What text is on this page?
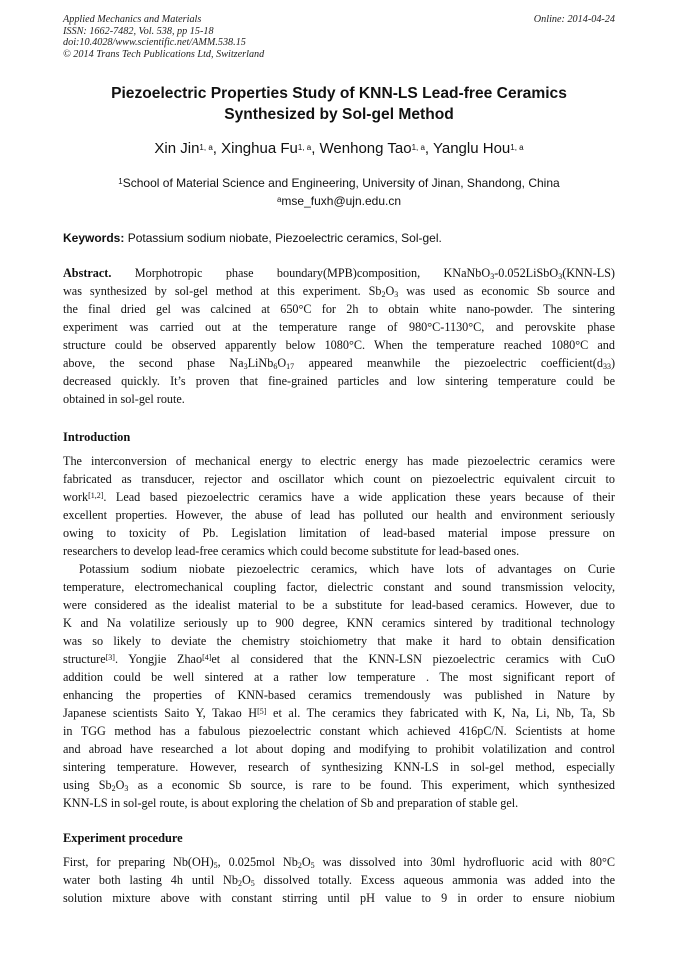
Applied Mechanics and Materials
ISSN: 1662-7482, Vol. 538, pp 15-18
doi:10.4028/www.scientific.net/AMM.538.15
© 2014 Trans Tech Publications Ltd, Switzerland
Online: 2014-04-24
Piezoelectric Properties Study of KNN-LS Lead-free Ceramics
Synthesized by Sol-gel Method
Xin Jin$^{1, a}$, Xinghua Fu$^{1, a}$, Wenhong Tao$^{1, a}$, Yanglu Hou$^{1, a}$
$^1$School of Material Science and Engineering, University of Jinan, Shandong, China
$^a$mse_fuxh@ujn.edu.cn
Keywords: Potassium sodium niobate, Piezoelectric ceramics, Sol-gel.
Abstract. Morphotropic phase boundary(MPB)composition, KNaNbO3-0.052LiSbO3(KNN-LS)
was synthesized by sol-gel method at this experiment. Sb2O3 was used as economic Sb source and
the final dried gel was calcined at 650°C for 2h to obtain white nano-powder. The sintering
experiment was carried out at the temperature range of 980°C-1130°C, and perovskite phase
structure could be observed apparently below 1080°C. When the temperature reached 1080°C and
above, the second phase Na3LiNb6O17 appeared meanwhile the piezoelectric coefficient(d33)
decreased quickly. It’s proven that fine-grained particles and low sintering temperature could be
obtained in sol-gel route.
Introduction
The interconversion of mechanical energy to electric energy has made piezoelectric ceramics were
fabricated as transducer, rejector and oscillator which count on piezoelectric equivalent circuit to
work[1,2]. Lead based piezoelectric ceramics have a wide application these years because of their
excellent properties. However, the abuse of lead has polluted our health and environment seriously
owing to toxicity of Pb. Legislation limitation of lead-based material impose pressure on
researchers to develop lead-free ceramics which could become substitute for lead-based ones.
Potassium sodium niobate piezoelectric ceramics, which have lots of advantages on Curie
temperature, electromechanical coupling factor, dielectric constant and sound transmission velocity,
were considered as the idealist material to be a substitute for lead-based ceramics. However, due to
K and Na volatilize seriously up to 900 degree, KNN ceramics sintered by traditional technology
was so likely to deviate the chemistry stoichiometry that make it hard to obtain densification
structure[3]. Yongjie Zhao[4]et al considered that the KNN-LSN piezoelectric ceramics with CuO
addition could be well sintered at a rather low temperature . The most significant report of
enhancing the properties of KNN-based ceramics tremendously was published in Nature by
Japanese scientists Saito Y, Takao H[5] et al. The ceramics they fabricated with K, Na, Li, Nb, Ta, Sb
in TGG method has a fabulous piezoelectric constant which achieved 416pC/N. Scientists at home
and abroad have researched a lot about doping and modifying to prohibit volatilization and control
sintering temperature. However, research of synthesizing KNN-LS in sol-gel method, especially
using Sb2O3 as a economic Sb source, is rare to be found. This experiment, which synthesized
KNN-LS in sol-gel route, is about exploring the chelation of Sb and preparation of stable gel.
Experiment procedure
First, for preparing Nb(OH)5, 0.025mol Nb2O5 was dissolved into 30ml hydrofluoric acid with 80°C
water both lasting 4h until Nb2O5 dissolved totally. Excess aqueous ammonia was added into the
solution mixture above with constant stirring until pH value to 9 in order to ensure niobium
